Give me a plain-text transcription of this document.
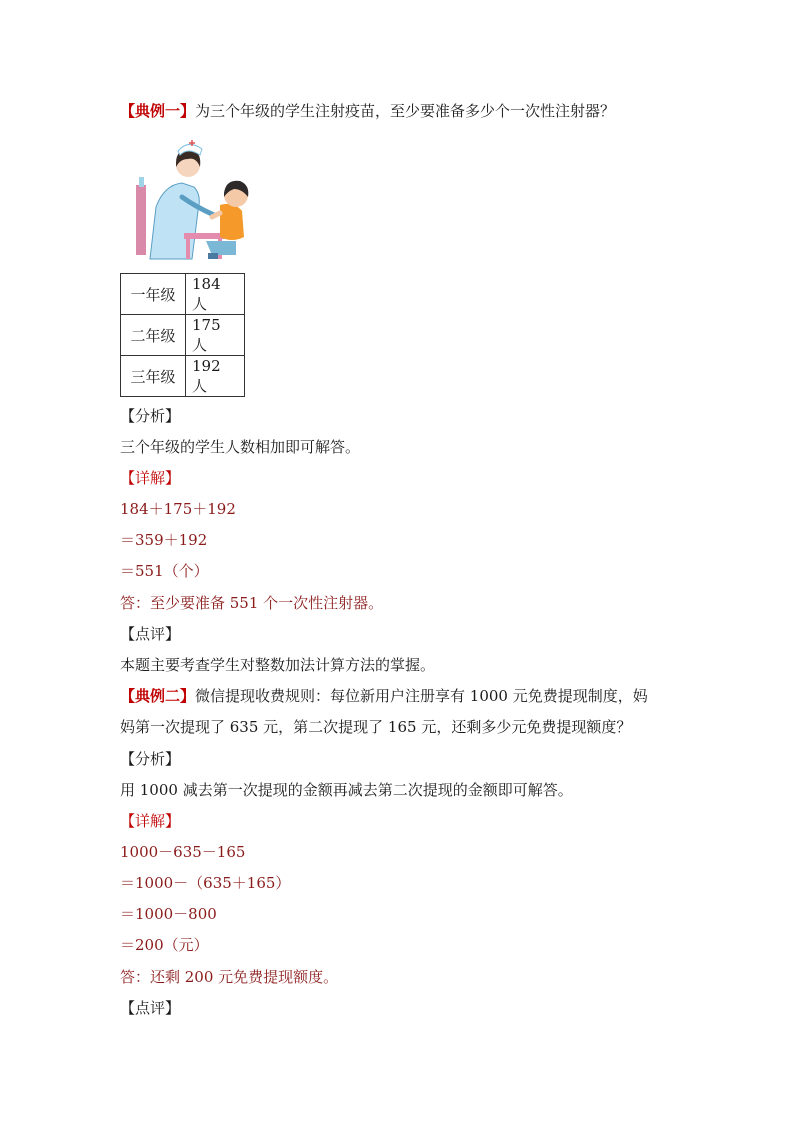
【典例一】为三个年级的学生注射疫苗，至少要准备多少个一次性注射器？
一年级	184 人
二年级	175 人
三年级	192 人
【分析】
三个年级的学生人数相加即可解答。
【详解】
184＋175＋192
＝359＋192
＝551（个）
答：至少要准备 551 个一次性注射器。
【点评】
本题主要考查学生对整数加法计算方法的掌握。
【典例二】微信提现收费规则：每位新用户注册享有 1000 元免费提现制度，妈
妈第一次提现了 635 元，第二次提现了 165 元，还剩多少元免费提现额度？
【分析】
用 1000 减去第一次提现的金额再减去第二次提现的金额即可解答。
【详解】
1000－635－165
＝1000－（635＋165）
＝1000－800
＝200（元）
答：还剩 200 元免费提现额度。
【点评】
